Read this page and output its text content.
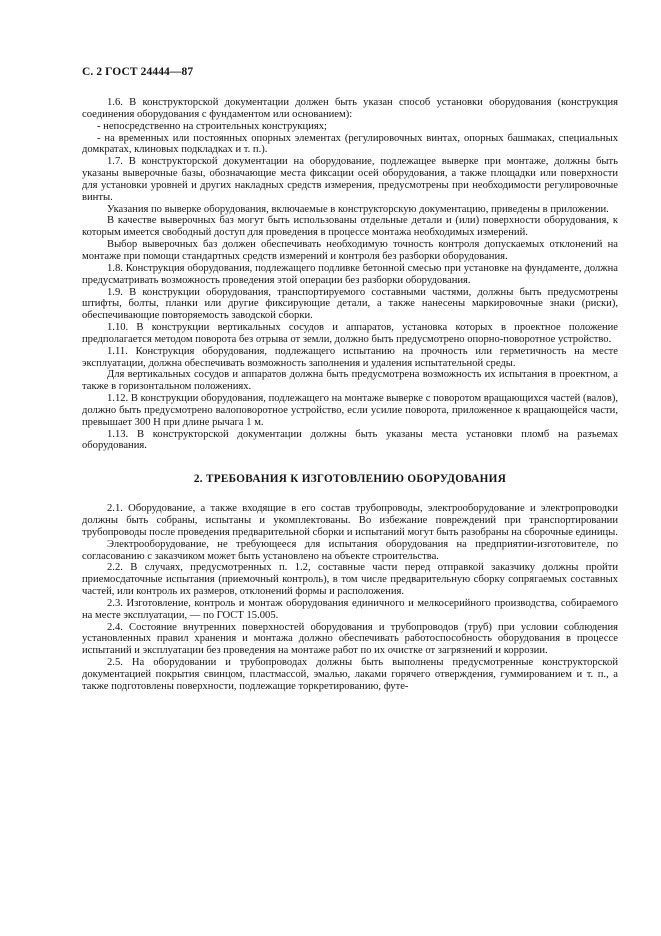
С. 2 ГОСТ 24444—87

1.6. В конструкторской документации должен быть указан способ установки оборудования (конструкция соединения оборудования с фундаментом или основанием):

- непосредственно на строительных конструкциях;

- на временных или постоянных опорных элементах (регулировочных винтах, опорных башмаках, специальных домкратах, клиновых подкладках и т. п.).

1.7. В конструкторской документации на оборудование, подлежащее выверке при монтаже, должны быть указаны выверочные базы, обозначающие места фиксации осей оборудования, а также площадки или поверхности для установки уровней и других накладных средств измерения, предусмотрены при необходимости регулировочные винты.

Указания по выверке оборудования, включаемые в конструкторскую документацию, приведены в приложении.

В качестве выверочных баз могут быть использованы отдельные детали и (или) поверхности оборудования, к которым имеется свободный доступ для проведения в процессе монтажа необходимых измерений.

Выбор выверочных баз должен обеспечивать необходимую точность контроля допускаемых отклонений на монтаже при помощи стандартных средств измерений и контроля без разборки оборудования.

1.8. Конструкция оборудования, подлежащего подливке бетонной смесью при установке на фундаменте, должна предусматривать возможность проведения этой операции без разборки оборудования.

1.9. В конструкции оборудования, транспортируемого составными частями, должны быть предусмотрены штифты, болты, планки или другие фиксирующие детали, а также нанесены маркировочные знаки (риски), обеспечивающие повторяемость заводской сборки.

1.10. В конструкции вертикальных сосудов и аппаратов, установка которых в проектное положение предполагается методом поворота без отрыва от земли, должно быть предусмотрено опорно-поворотное устройство.

1.11. Конструкция оборудования, подлежащего испытанию на прочность или герметичность на месте эксплуатации, должна обеспечивать возможность заполнения и удаления испытательной среды.

Для вертикальных сосудов и аппаратов должна быть предусмотрена возможность их испытания в проектном, а также в горизонтальном положениях.

1.12. В конструкции оборудования, подлежащего на монтаже выверке с поворотом вращающихся частей (валов), должно быть предусмотрено валоповоротное устройство, если усилие поворота, приложенное к вращающейся части, превышает 300 Н при длине рычага 1 м.

1.13. В конструкторской документации должны быть указаны места установки пломб на разъемах оборудования.

2. ТРЕБОВАНИЯ К ИЗГОТОВЛЕНИЮ ОБОРУДОВАНИЯ

2.1. Оборудование, а также входящие в его состав трубопроводы, электрооборудование и электропроводки должны быть собраны, испытаны и укомплектованы. Во избежание повреждений при транспортировании трубопроводы после проведения предварительной сборки и испытаний могут быть разобраны на сборочные единицы.

Электрооборудование, не требующееся для испытания оборудования на предприятии-изготовителе, по согласованию с заказчиком может быть установлено на объекте строительства.

2.2. В случаях, предусмотренных п. 1.2, составные части перед отправкой заказчику должны пройти приемосдаточные испытания (приемочный контроль), в том числе предварительную сборку сопрягаемых составных частей, или контроль их размеров, отклонений формы и расположения.

2.3. Изготовление, контроль и монтаж оборудования единичного и мелкосерийного производства, собираемого на месте эксплуатации, — по ГОСТ 15.005.

2.4. Состояние внутренних поверхностей оборудования и трубопроводов (труб) при условии соблюдения установленных правил хранения и монтажа должно обеспечивать работоспособность оборудования в процессе испытаний и эксплуатации без проведения на монтаже работ по их очистке от загрязнений и коррозии.

2.5. На оборудовании и трубопроводах должны быть выполнены предусмотренные конструкторской документацией покрытия свинцом, пластмассой, эмалью, лаками горячего отверждения, гуммированием и т. п., а также подготовлены поверхности, подлежащие торкретированию, футе-
